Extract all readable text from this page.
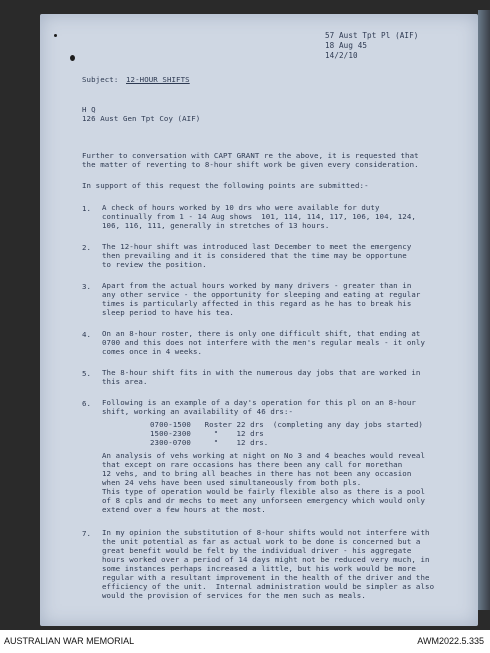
57 Aust Tpt Pl (AIF)
18 Aug 45
14/2/10
Subject: 12-HOUR SHIFTS
H Q
126 Aust Gen Tpt Coy (AIF)
Further to conversation with CAPT GRANT re the above, it is requested that
the matter of reverting to 8-hour shift work be given every consideration.
In support of this request the following points are submitted:-
1. A check of hours worked by 10 drs who were available for duty
continually from 1 - 14 Aug shows  101, 114, 114, 117, 106, 104, 124,
106, 116, 111, generally in stretches of 13 hours.
2. The 12-hour shift was introduced last December to meet the emergency
then prevailing and it is considered that the time may be opportune
to review the position.
3. Apart from the actual hours worked by many drivers - greater than in
any other service - the opportunity for sleeping and eating at regular
times is particularly affected in this regard as he has to break his
sleep period to have his tea.
4. On an 8-hour roster, there is only one difficult shift, that ending at
0700 and this does not interfere with the men's regular meals - it only
comes once in 4 weeks.
5. The 8-hour shift fits in with the numerous day jobs that are worked in
this area.
6. Following is an example of a day's operation for this pl on an 8-hour
shift, working an availability of 46 drs:-
0700-1500   Roster 22 drs  (completing any day jobs started)
1500-2300     "    12 drs
2300-0700     "    12 drs.
An analysis of vehs working at night on No 3 and 4 beaches would reveal
that except on rare occasions has there been any call for morethan
12 vehs, and to bring all beaches in there has not been any occasion
when 24 vehs have been used simultaneously from both pls.
This type of operation would be fairly flexible also as there is a pool
of 8 cpls and dr mechs to meet any unforseen emergency which would only
extend over a few hours at the most.
7. In my opinion the substitution of 8-hour shifts would not interfere with
the unit potential as far as actual work to be done is concerned but a
great benefit would be felt by the individual driver - his aggregate
hours worked over a period of 14 days might not be reduced very much, in
some instances perhaps increased a little, but his work would be more
regular with a resultant improvement in the health of the driver and the
efficiency of the unit.  Internal administration would be simpler as also
would the provision of services for the men such as meals.
AUSTRALIAN WAR MEMORIAL	AWM2022.5.335
